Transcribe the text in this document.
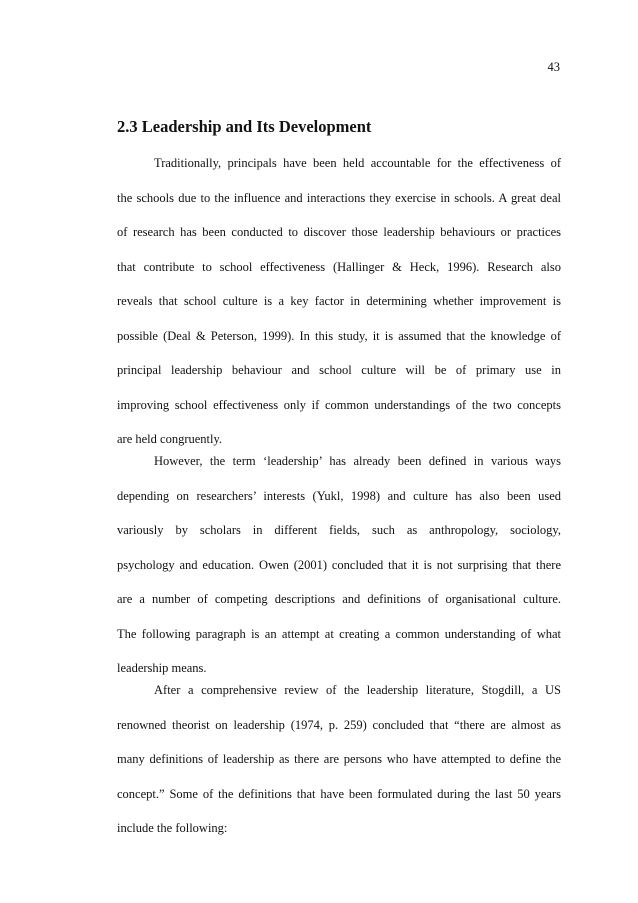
43
2.3 Leadership and Its Development

Traditionally, principals have been held accountable for the effectiveness of
the schools due to the influence and interactions they exercise in schools. A great deal
of research has been conducted to discover those leadership behaviours or practices
that contribute to school effectiveness (Hallinger & Heck, 1996). Research also
reveals that school culture is a key factor in determining whether improvement is
possible (Deal & Peterson, 1999). In this study, it is assumed that the knowledge of
principal leadership behaviour and school culture will be of primary use in
improving school effectiveness only if common understandings of the two concepts
are held congruently.

However, the term ‘leadership’ has already been defined in various ways
depending on researchers’ interests (Yukl, 1998) and culture has also been used
variously by scholars in different fields, such as anthropology, sociology,
psychology and education. Owen (2001) concluded that it is not surprising that there
are a number of competing descriptions and definitions of organisational culture.
The following paragraph is an attempt at creating a common understanding of what
leadership means.

After a comprehensive review of the leadership literature, Stogdill, a US
renowned theorist on leadership (1974, p. 259) concluded that “there are almost as
many definitions of leadership as there are persons who have attempted to define the
concept.” Some of the definitions that have been formulated during the last 50 years
include the following:
